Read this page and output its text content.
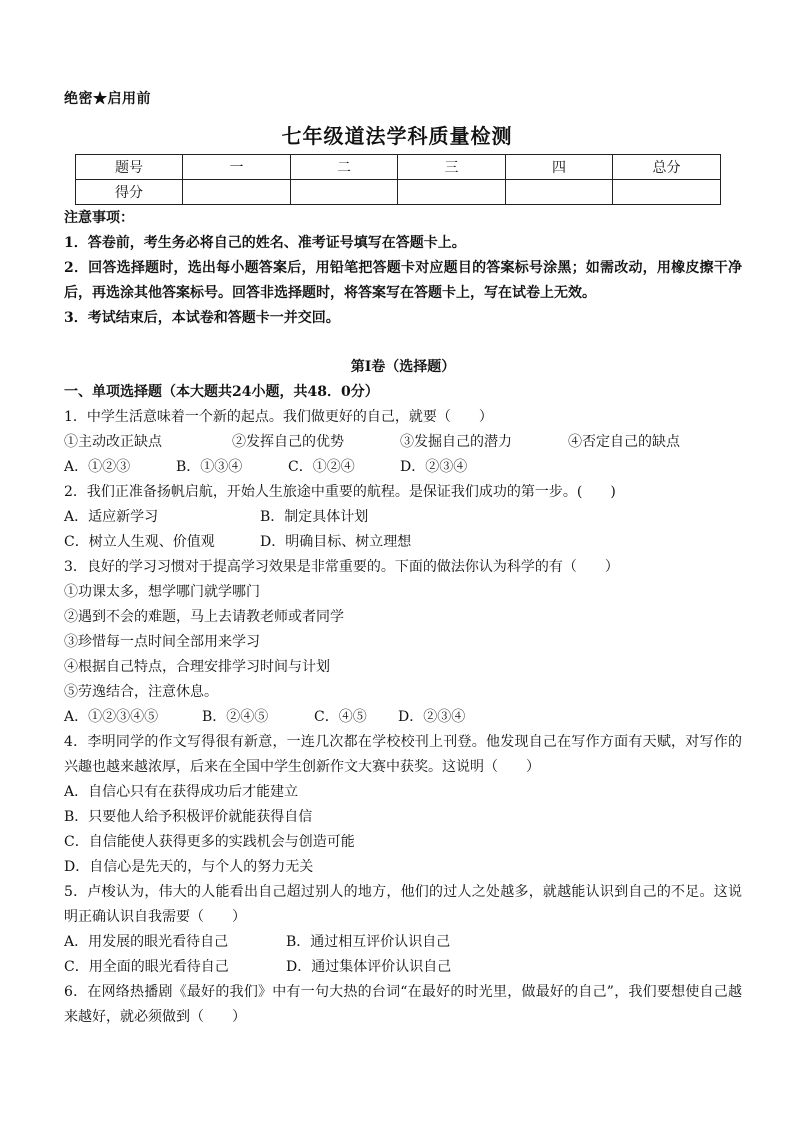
绝密★启用前
七年级道法学科质量检测
题号	一	二	三	四	总分
得分					
注意事项：
1．答卷前，考生务必将自己的姓名、准考证号填写在答题卡上。
2．回答选择题时，选出每小题答案后，用铅笔把答题卡对应题目的答案标号涂黑；如需改动，用橡皮擦干净后，再选涂其他答案标号。回答非选择题时，将答案写在答题卡上，写在试卷上无效。
3．考试结束后，本试卷和答题卡一并交回。
第Ⅰ卷（选择题）
一、单项选择题（本大题共24小题，共48．0分）
1．中学生活意味着一个新的起点。我们做更好的自己，就要（　　）
①主动改正缺点	②发挥自己的优势	③发掘自己的潜力	④否定自己的缺点
A．①②③	B．①③④	C．①②④	D．②③④
2．我们正准备扬帆启航，开始人生旅途中重要的航程。是保证我们成功的第一步。(　　)
A．适应新学习	B．制定具体计划
C．树立人生观、价值观	D．明确目标、树立理想
3．良好的学习习惯对于提高学习效果是非常重要的。下面的做法你认为科学的有（　　）
①功课太多，想学哪门就学哪门
②遇到不会的难题，马上去请教老师或者同学
③珍惜每一点时间全部用来学习
④根据自己特点，合理安排学习时间与计划
⑤劳逸结合，注意休息。
A．①②③④⑤	B．②④⑤	C．④⑤	D．②③④
4．李明同学的作文写得很有新意，一连几次都在学校校刊上刊登。他发现自己在写作方面有天赋，对写作的兴趣也越来越浓厚，后来在全国中学生创新作文大赛中获奖。这说明（　　）
A．自信心只有在获得成功后才能建立
B．只要他人给予积极评价就能获得自信
C．自信能使人获得更多的实践机会与创造可能
D．自信心是先天的，与个人的努力无关
5．卢梭认为，伟大的人能看出自己超过别人的地方，他们的过人之处越多，就越能认识到自己的不足。这说明正确认识自我需要（　　）
A．用发展的眼光看待自己	B．通过相互评价认识自己
C．用全面的眼光看待自己	D．通过集体评价认识自己
6．在网络热播剧《最好的我们》中有一句大热的台词“在最好的时光里，做最好的自己”，我们要想使自己越来越好，就必须做到（　　）
